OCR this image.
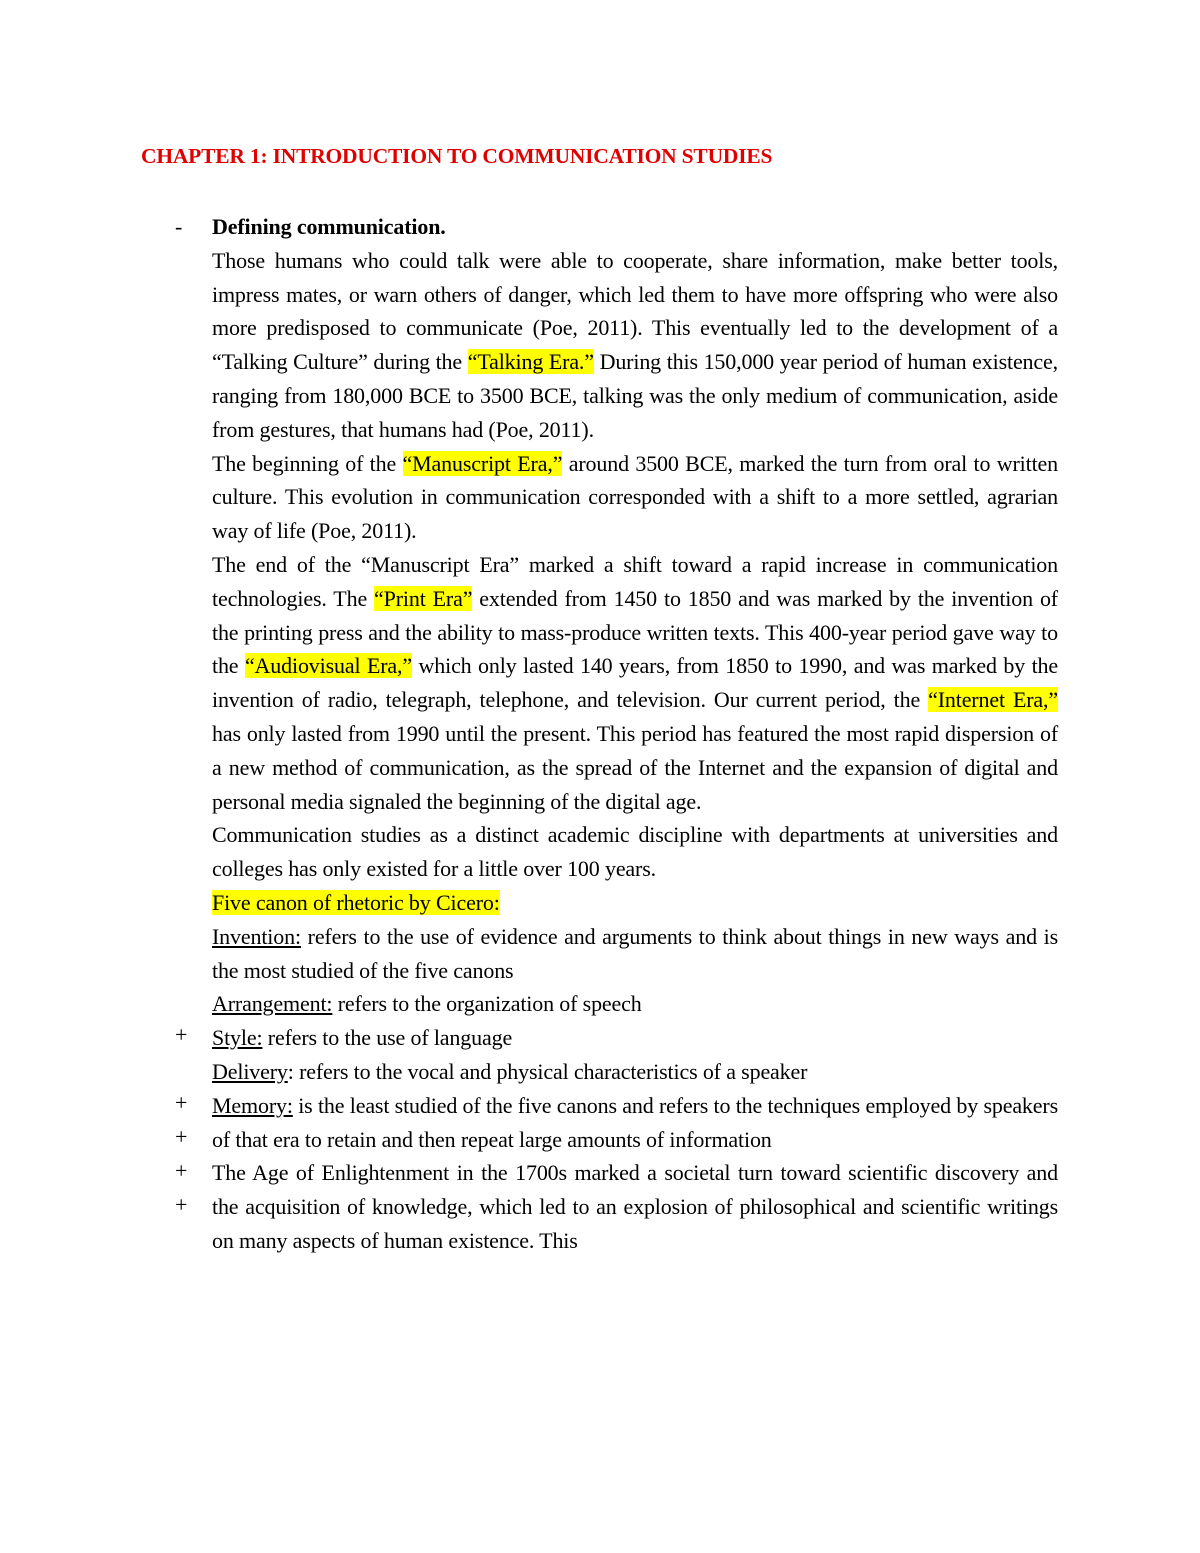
CHAPTER 1: INTRODUCTION TO COMMUNICATION STUDIES
-
+
+
+
+
+

Defining communication.

Those humans who could talk were able to cooperate, share information, make better tools, impress mates, or warn others of danger, which led them to have more offspring who were also more predisposed to communicate (Poe, 2011). This eventually led to the development of a “Talking Culture” during the “Talking Era.” During this 150,000 year period of human existence, ranging from 180,000 BCE to 3500 BCE, talking was the only medium of communication, aside from gestures, that humans had (Poe, 2011).

The beginning of the “Manuscript Era,” around 3500 BCE, marked the turn from oral to written culture. This evolution in communication corresponded with a shift to a more settled, agrarian way of life (Poe, 2011).

The end of the “Manuscript Era” marked a shift toward a rapid increase in communication technologies. The “Print Era” extended from 1450 to 1850 and was marked by the invention of the printing press and the ability to mass-produce written texts. This 400-year period gave way to the “Audiovisual Era,” which only lasted 140 years, from 1850 to 1990, and was marked by the invention of radio, telegraph, telephone, and television. Our current period, the “Internet Era,” has only lasted from 1990 until the present. This period has featured the most rapid dispersion of a new method of communication, as the spread of the Internet and the expansion of digital and personal media signaled the beginning of the digital age.

Communication studies as a distinct academic discipline with departments at universities and colleges has only existed for a little over 100 years.

Five canon of rhetoric by Cicero:

Invention: refers to the use of evidence and arguments to think about things in new ways and is the most studied of the five canons

Arrangement: refers to the organization of speech

Style: refers to the use of language

Delivery: refers to the vocal and physical characteristics of a speaker

Memory: is the least studied of the five canons and refers to the techniques employed by speakers of that era to retain and then repeat large amounts of information

The Age of Enlightenment in the 1700s marked a societal turn toward scientific discovery and the acquisition of knowledge, which led to an explosion of philosophical and scientific writings on many aspects of human existence. This
